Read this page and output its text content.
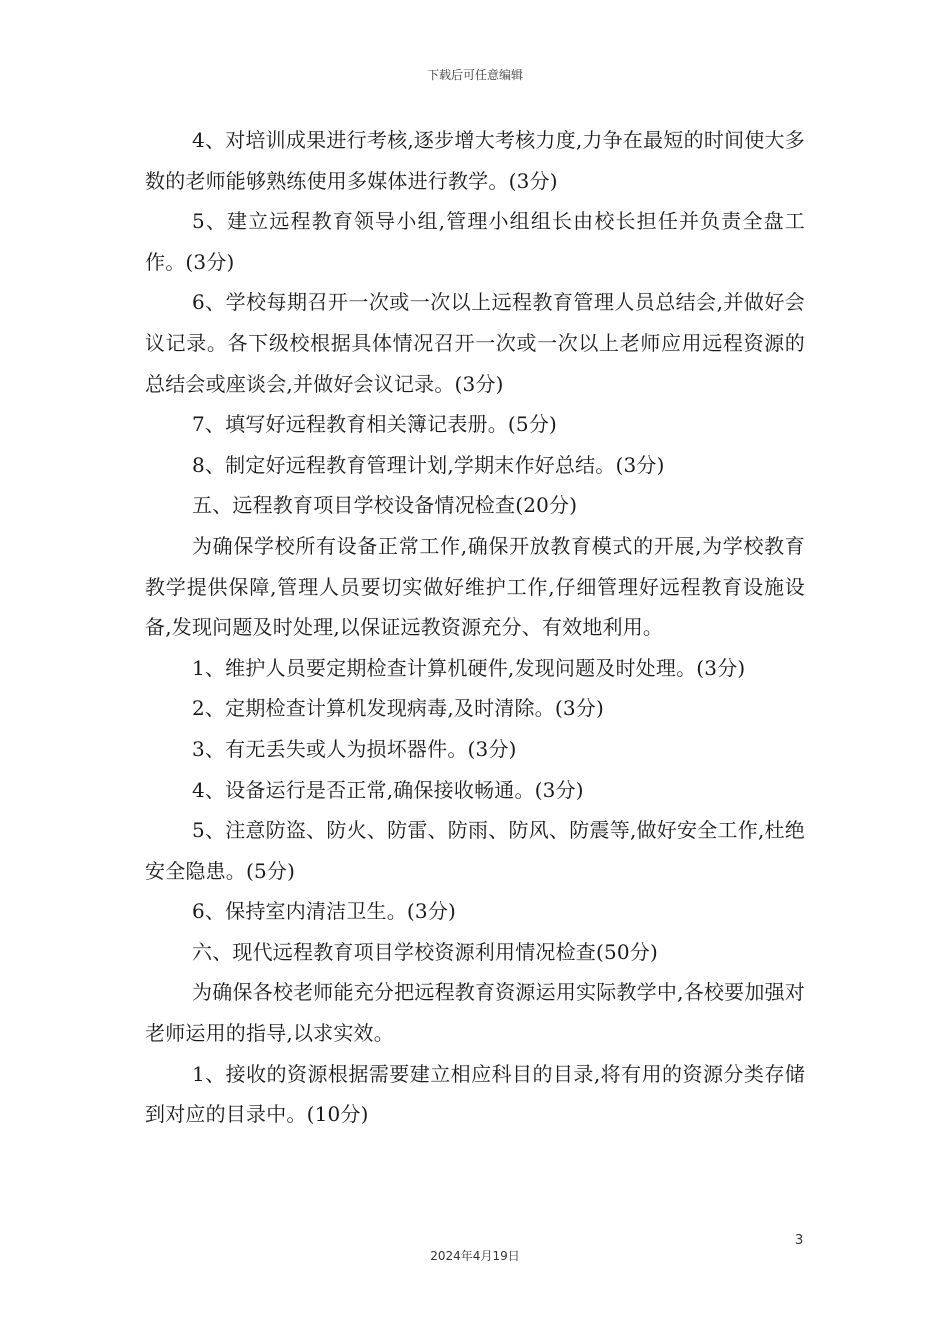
下载后可任意编辑

4、对培训成果进行考核,逐步增大考核力度,力争在最短的时间使大多数的老师能够熟练使用多媒体进行教学。(3分)

5、建立远程教育领导小组,管理小组组长由校长担任并负责全盘工作。(3分)

6、学校每期召开一次或一次以上远程教育管理人员总结会,并做好会议记录。各下级校根据具体情况召开一次或一次以上老师应用远程资源的总结会或座谈会,并做好会议记录。(3分)

7、填写好远程教育相关簿记表册。(5分)

8、制定好远程教育管理计划,学期末作好总结。(3分)

五、远程教育项目学校设备情况检查(20分)

为确保学校所有设备正常工作,确保开放教育模式的开展,为学校教育教学提供保障,管理人员要切实做好维护工作,仔细管理好远程教育设施设备,发现问题及时处理,以保证远教资源充分、有效地利用。

1、维护人员要定期检查计算机硬件,发现问题及时处理。(3分)

2、定期检查计算机发现病毒,及时清除。(3分)

3、有无丢失或人为损坏器件。(3分)

4、设备运行是否正常,确保接收畅通。(3分)

5、注意防盗、防火、防雷、防雨、防风、防震等,做好安全工作,杜绝安全隐患。(5分)

6、保持室内清洁卫生。(3分)

六、现代远程教育项目学校资源利用情况检查(50分)

为确保各校老师能充分把远程教育资源运用实际教学中,各校要加强对老师运用的指导,以求实效。

1、接收的资源根据需要建立相应科目的目录,将有用的资源分类存储到对应的目录中。(10分)

3
2024年4月19日
